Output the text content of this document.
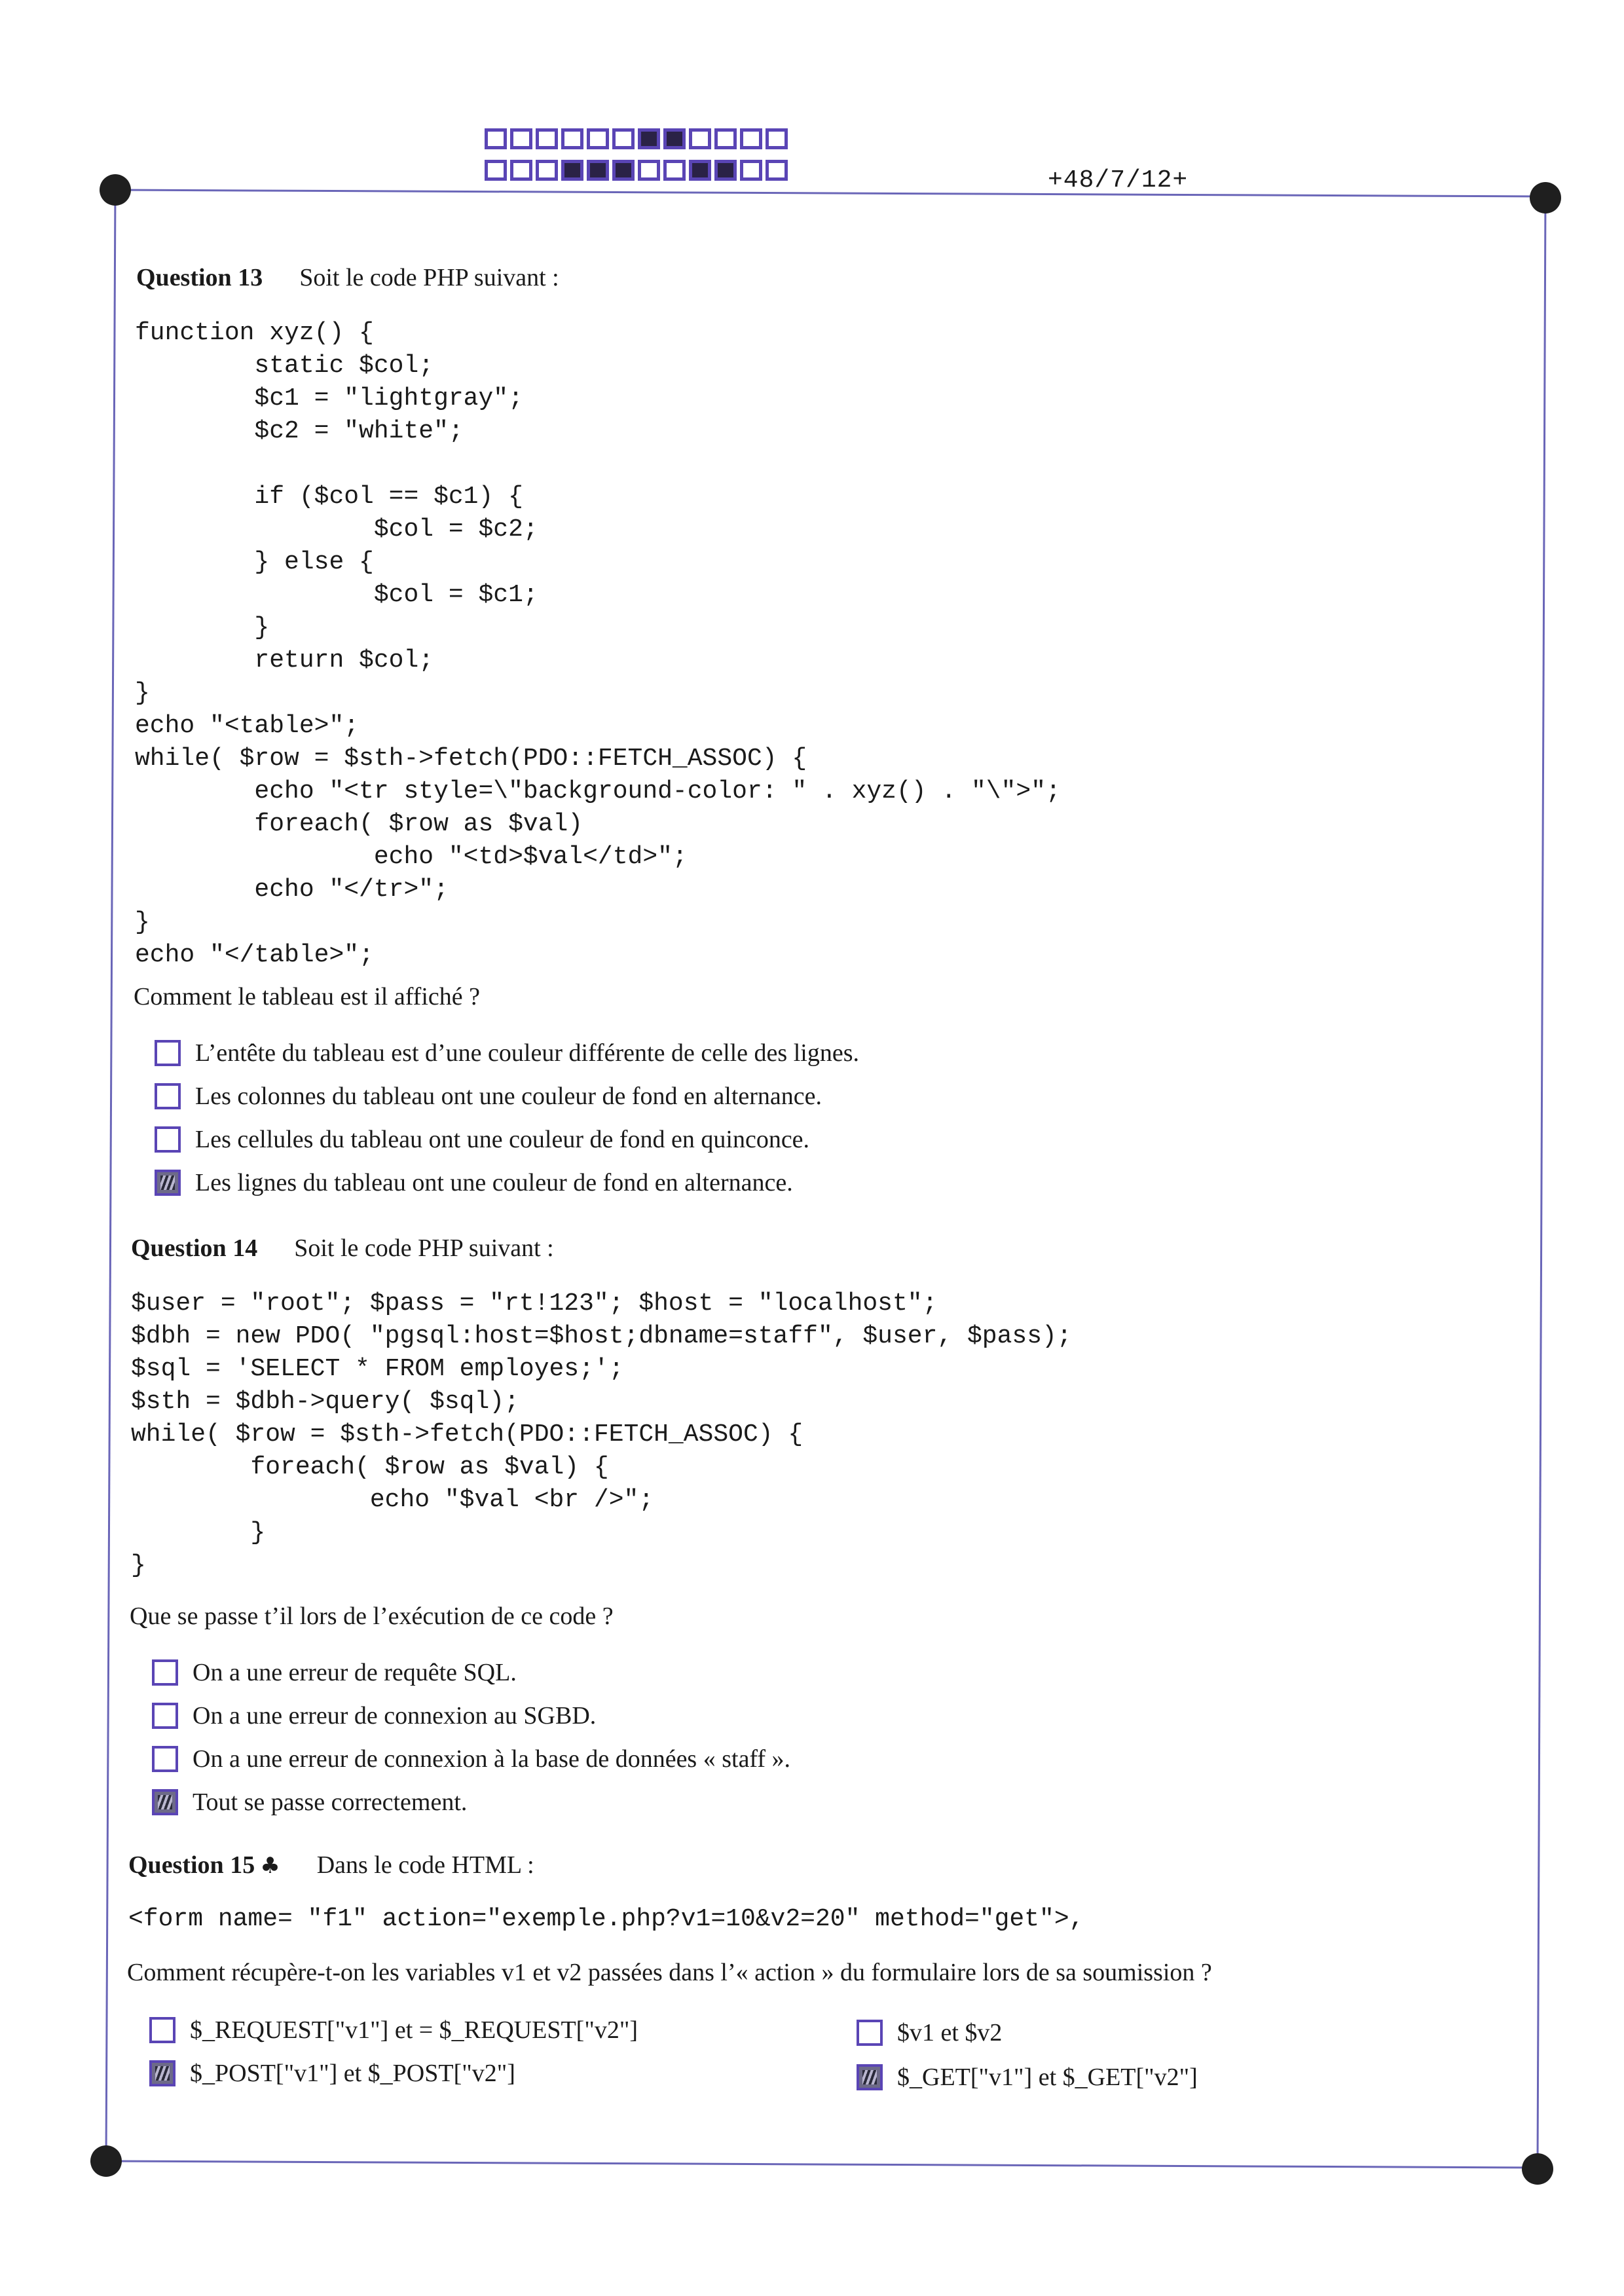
+48/7/12+
Question 13 Soit le code PHP suivant :
function xyz() {
static $col;
$c1 = "lightgray";
$c2 = "white";

if ($col == $c1) {
$col = $c2;
} else {
$col = $c1;
}
return $col;
}
echo "<table>";
while( $row = $sth->fetch(PDO::FETCH_ASSOC) {
echo "<tr style=\"background-color: " . xyz() . "\">";
foreach( $row as $val)
echo "<td>$val</td>";
echo "</tr>";
}
echo "</table>";
Comment le tableau est il affiché ?
L’entête du tableau est d’une couleur différente de celle des lignes.
Les colonnes du tableau ont une couleur de fond en alternance.
Les cellules du tableau ont une couleur de fond en quinconce.
Les lignes du tableau ont une couleur de fond en alternance.
Question 14 Soit le code PHP suivant :
$user = "root"; $pass = "rt!123"; $host = "localhost";
$dbh = new PDO( "pgsql:host=$host;dbname=staff", $user, $pass);
$sql = 'SELECT * FROM employes;';
$sth = $dbh->query( $sql);
while( $row = $sth->fetch(PDO::FETCH_ASSOC) {
foreach( $row as $val) {
echo "$val <br />";
}
}
Que se passe t’il lors de l’exécution de ce code ?
On a une erreur de requête SQL.
On a une erreur de connexion au SGBD.
On a une erreur de connexion à la base de données « staff ».
Tout se passe correctement.
Question 15 ♣ Dans le code HTML :
<form name= "f1" action="exemple.php?v1=10&v2=20" method="get">,
Comment récupère-t-on les variables v1 et v2 passées dans l’« action » du formulaire lors de sa soumission ?
$_REQUEST["v1"] et = $_REQUEST["v2"]	$v1 et $v2
$_POST["v1"] et $_POST["v2"]	$_GET["v1"] et $_GET["v2"]
